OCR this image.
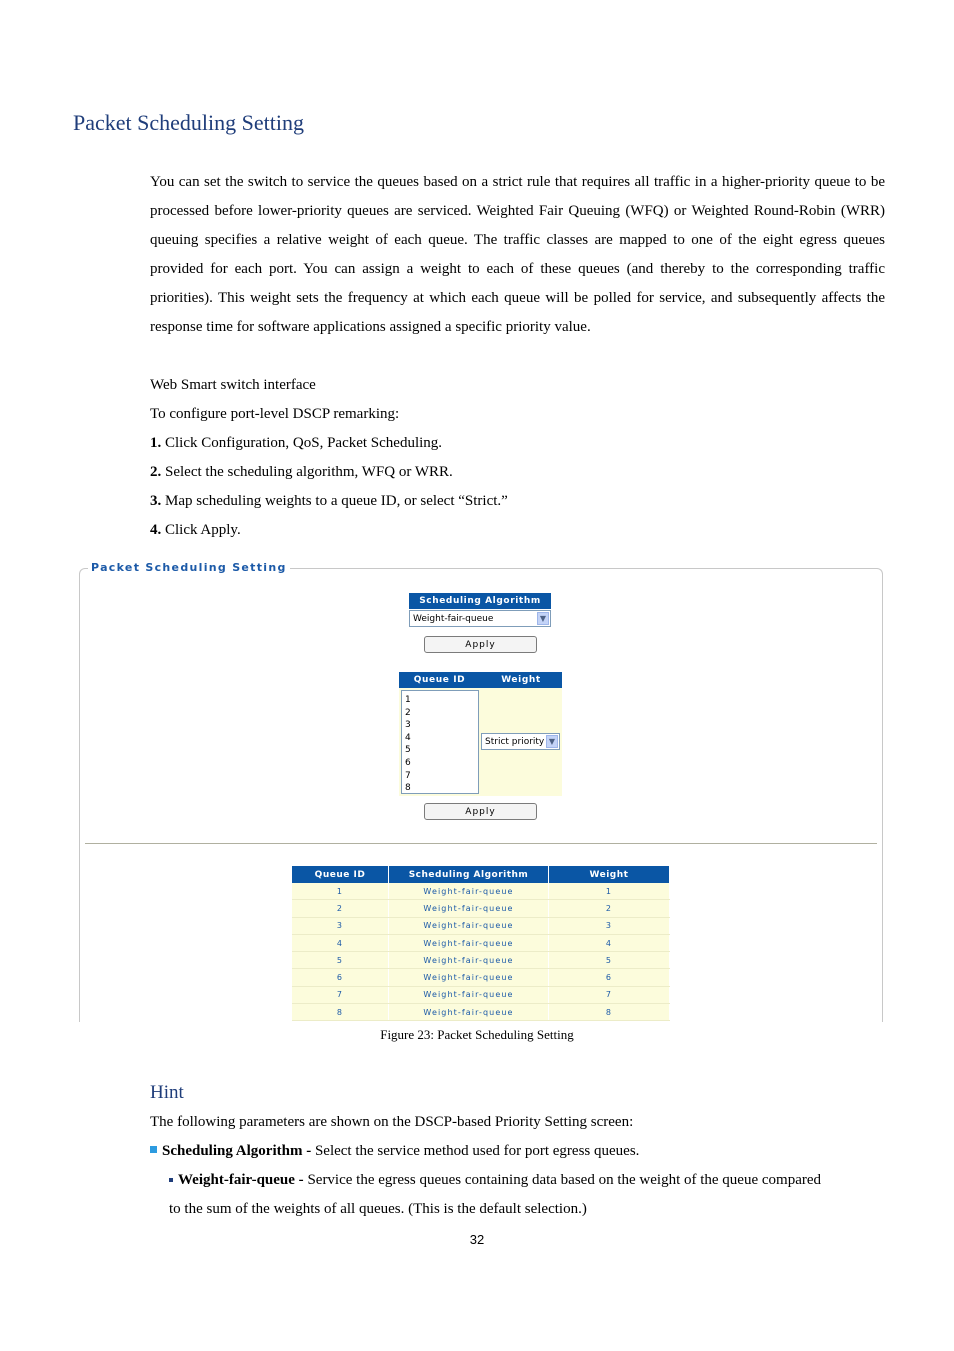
Packet Scheduling Setting
You can set the switch to service the queues based on a strict rule that requires all traffic in a higher-priority queue to be processed before lower-priority queues are serviced. Weighted Fair Queuing (WFQ) or Weighted Round-Robin (WRR) queuing specifies a relative weight of each queue. The traffic classes are mapped to one of the eight egress queues provided for each port. You can assign a weight to each of these queues (and thereby to the corresponding traffic priorities). This weight sets the frequency at which each queue will be polled for service, and subsequently affects the response time for software applications assigned a specific priority value.
Web Smart switch interface
To configure port-level DSCP remarking:
1. Click Configuration, QoS, Packet Scheduling.
2. Select the scheduling algorithm, WFQ or WRR.
3. Map scheduling weights to a queue ID, or select “Strict.”
4. Click Apply.
Packet Scheduling Setting
Scheduling Algorithm
Weight-fair-queue	▼
Apply
Queue ID	Weight
1
2
3
4
5
6
7
8
Strict priority ▼
Apply
Queue ID	Scheduling Algorithm	Weight
1	Weight-fair-queue	1
2	Weight-fair-queue	2
3	Weight-fair-queue	3
4	Weight-fair-queue	4
5	Weight-fair-queue	5
6	Weight-fair-queue	6
7	Weight-fair-queue	7
8	Weight-fair-queue	8
Figure 23: Packet Scheduling Setting
Hint
The following parameters are shown on the DSCP-based Priority Setting screen:
Scheduling Algorithm - Select the service method used for port egress queues.
Weight-fair-queue - Service the egress queues containing data based on the weight of the queue compared
to the sum of the weights of all queues. (This is the default selection.)
32
